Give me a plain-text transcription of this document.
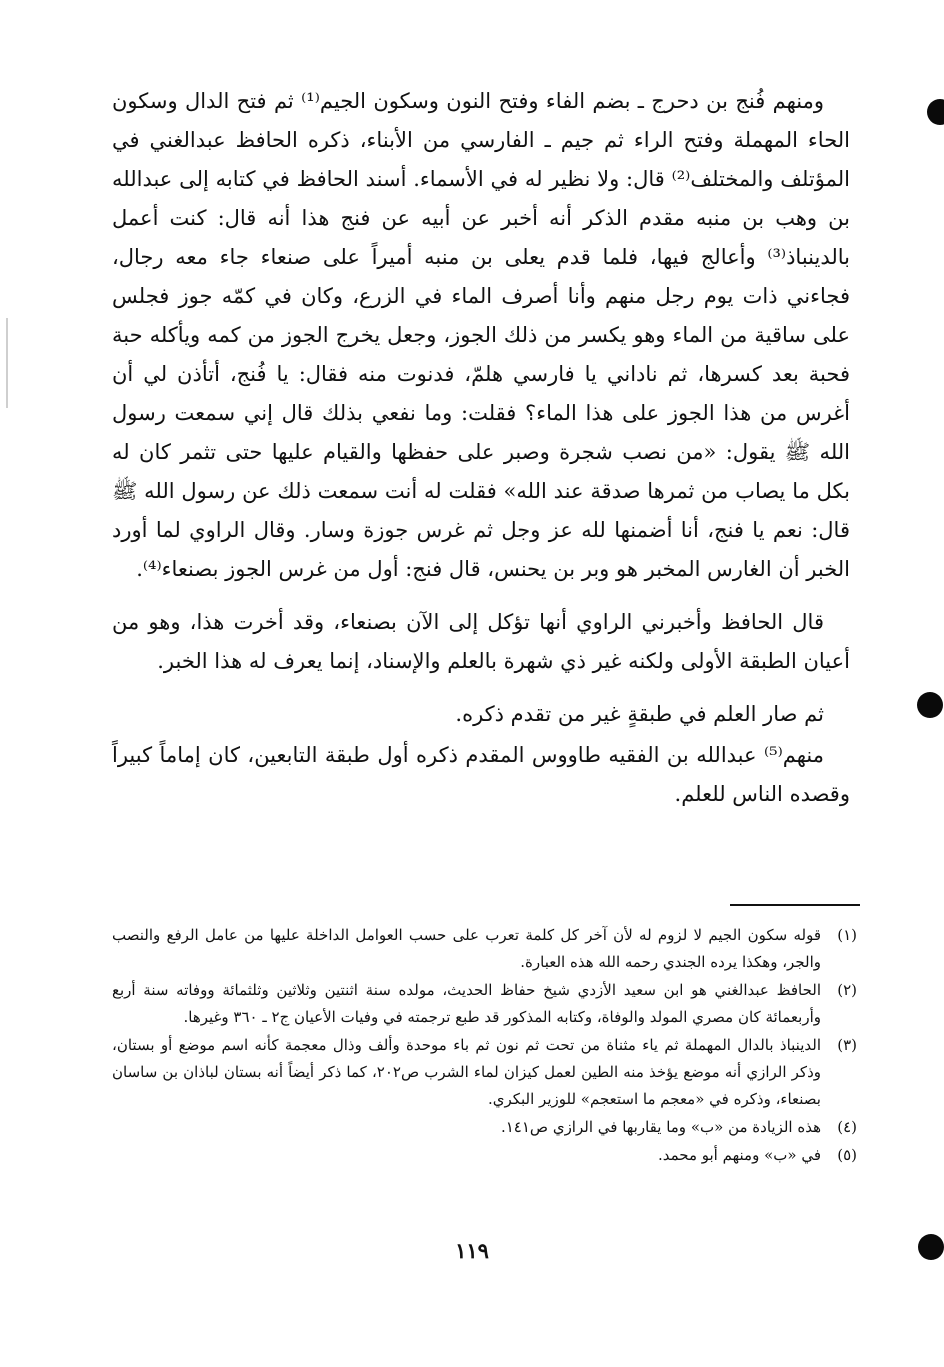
ومنهم فُنج بن دحرج ـ بضم الفاء وفتح النون وسكون الجيم⁽¹⁾ ثم فتح الدال وسكون الحاء المهملة وفتح الراء ثم جيم ـ الفارسي من الأبناء، ذكره الحافظ عبدالغني في المؤتلف والمختلف⁽²⁾ قال: ولا نظير له في الأسماء. أسند الحافظ في كتابه إلى عبدالله بن وهب بن منبه مقدم الذكر أنه أخبر عن أبيه عن فنج هذا أنه قال: كنت أعمل بالدينباذ⁽³⁾ وأعالج فيها، فلما قدم يعلى بن منبه أميراً على صنعاء جاء معه رجال، فجاءني ذات يوم رجل منهم وأنا أصرف الماء في الزرع، وكان في كمّه جوز فجلس على ساقية من الماء وهو يكسر من ذلك الجوز، وجعل يخرج الجوز من كمه ويأكله حبة فحبة بعد كسرها، ثم ناداني يا فارسي هلمّ، فدنوت منه فقال: يا فُنج، أتأذن لي أن أغرس من هذا الجوز على هذا الماء؟ فقلت: وما نفعي بذلك قال إني سمعت رسول الله ﷺ يقول: «من نصب شجرة وصبر على حفظها والقيام عليها حتى تثمر كان له بكل ما يصاب من ثمرها صدقة عند الله» فقلت له أنت سمعت ذلك عن رسول الله ﷺ قال: نعم يا فنج، أنا أضمنها لله عز وجل ثم غرس جوزة وسار. وقال الراوي لما أورد الخبر أن الغارس المخبر هو وبر بن يحنس، قال فنج: أول من غرس الجوز بصنعاء⁽⁴⁾.

قال الحافظ وأخبرني الراوي أنها تؤكل إلى الآن بصنعاء، وقد أخرت هذا، وهو من أعيان الطبقة الأولى ولكنه غير ذي شهرة بالعلم والإسناد، إنما يعرف له هذا الخبر.

ثم صار العلم في طبقةٍ غير من تقدم ذكره.

منهم⁽⁵⁾ عبدالله بن الفقيه طاووس المقدم ذكره أول طبقة التابعين، كان إماماً كبيراً وقصده الناس للعلم.

(١)
قوله سكون الجيم لا لزوم له لأن آخر كل كلمة تعرب على حسب العوامل الداخلة عليها من عامل الرفع والنصب والجر، وهكذا يرده الجندي رحمه الله هذه العبارة.
(٢)
الحافظ عبدالغني هو ابن سعيد الأزدي شيخ حفاظ الحديث، مولده سنة اثنتين وثلاثين وثلثمائة ووفاته سنة أربع وأربعمائة كان مصري المولد والوفاة، وكتابه المذكور قد طبع ترجمته في وفيات الأعيان ج٢ ـ ٣٦٠ وغيرها.
(٣)
الدينباذ بالدال المهملة ثم ياء مثناة من تحت ثم نون ثم باء موحدة وألف وذال معجمة كأنه اسم موضع أو بستان، وذكر الرازي أنه موضع يؤخذ منه الطين لعمل كيزان لماء الشرب ص٢٠٢، كما ذكر أيضاً أنه بستان لباذان بن ساسان بصنعاء، وذكره في «معجم ما استعجم» للوزير البكري.
(٤)
هذه الزيادة من «ب» وما يقاربها في الرازي ص١٤١.
(٥)
في «ب» ومنهم أبو محمد.
١١٩
